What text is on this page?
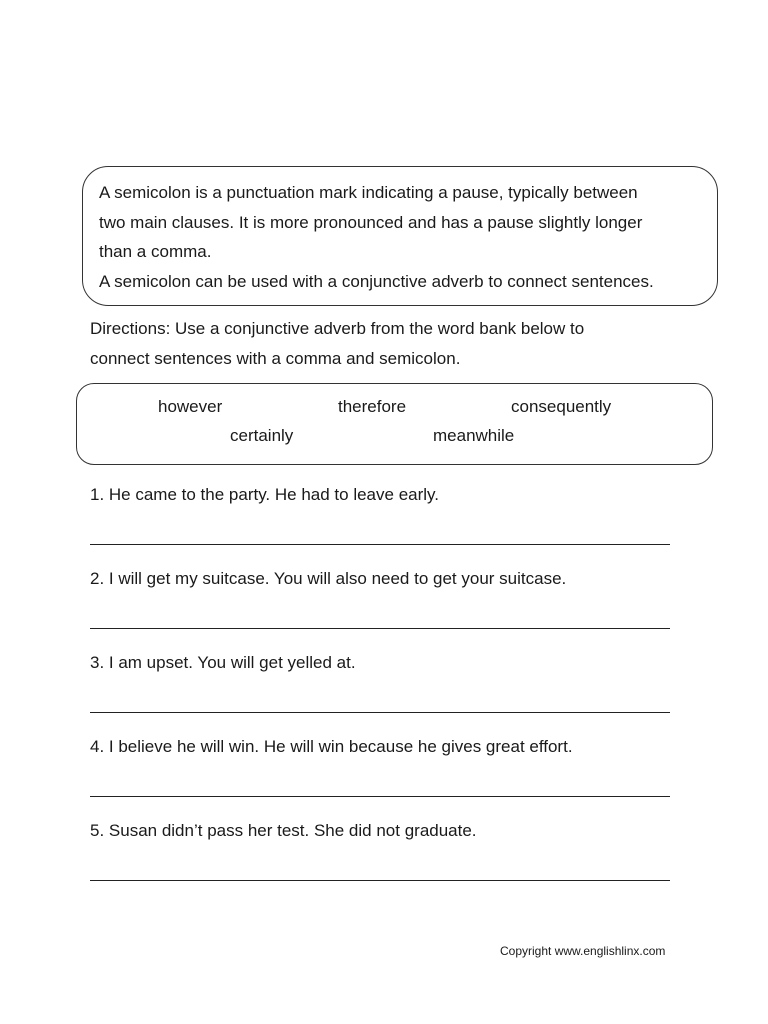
A semicolon is a punctuation mark indicating a pause, typically between
two main clauses. It is more pronounced and has a pause slightly longer
than a comma.
A semicolon can be used with a conjunctive adverb to connect sentences.

Directions: Use a conjunctive adverb from the word bank below to
connect sentences with a comma and semicolon.

however	therefore	consequently
certainly	meanwhile
1. He came to the party. He had to leave early.
2. I will get my suitcase. You will also need to get your suitcase.
3. I am upset. You will get yelled at.
4. I believe he will win. He will win because he gives great effort.
5. Susan didn’t pass her test. She did not graduate.
Copyright www.englishlinx.com
